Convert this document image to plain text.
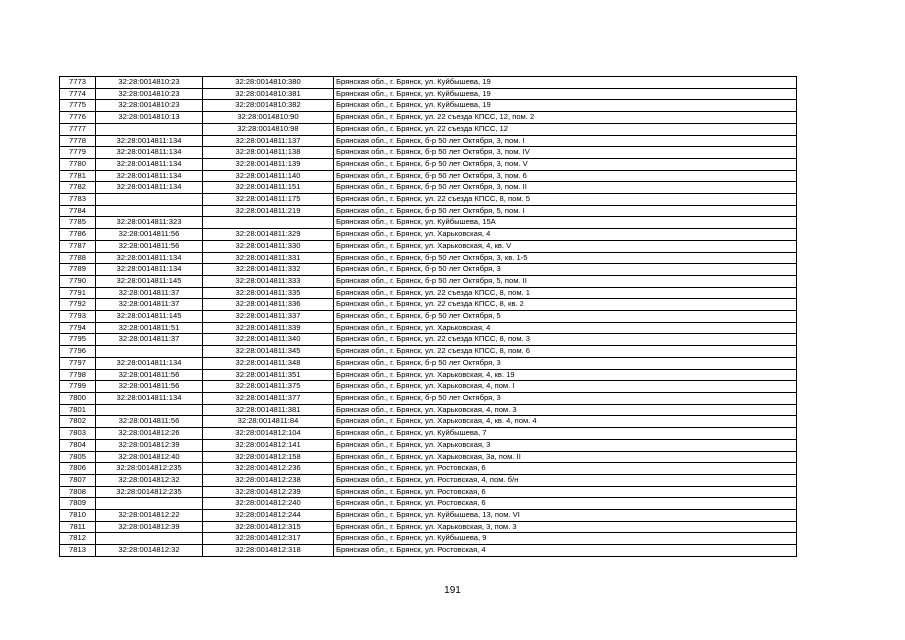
7773	32:28:0014810:23	32:28:0014810:380	Брянская обл., г. Брянск, ул. Куйбышева, 19
7774	32:28:0014810:23	32:28:0014810:381	Брянская обл., г. Брянск, ул. Куйбышева, 19
7775	32:28:0014810:23	32:28:0014810:382	Брянская обл., г. Брянск, ул. Куйбышева, 19
7776	32:28:0014810:13	32:28:0014810:90	Брянская обл., г. Брянск, ул. 22 съезда КПСС, 12, пом. 2
7777		32:28:0014810:98	Брянская обл., г. Брянск, ул. 22 съезда КПСС, 12
7778	32:28:0014811:134	32:28:0014811:137	Брянская обл., г. Брянск, б-р 50 лет Октября, 3, пом. I
7779	32:28:0014811:134	32:28:0014811:138	Брянская обл., г. Брянск, б-р 50 лет Октября, 3, пом. IV
7780	32:28:0014811:134	32:28:0014811:139	Брянская обл., г. Брянск, б-р 50 лет Октября, 3, пом. V
7781	32:28:0014811:134	32:28:0014811:140	Брянская обл., г. Брянск, б-р 50 лет Октября, 3, пом. 6
7782	32:28:0014811:134	32:28:0014811:151	Брянская обл., г. Брянск, б-р 50 лет Октября, 3, пом. II
7783		32:28:0014811:175	Брянская обл., г. Брянск, ул. 22 съезда КПСС, 8, пом. 5
7784		32:28:0014811:219	Брянская обл., г. Брянск, б-р 50 лет Октября, 5, пом. I
7785	32:28:0014811:323		Брянская обл., г. Брянск, ул. Куйбышева, 15А
7786	32:28:0014811:56	32:28:0014811:329	Брянская обл., г. Брянск, ул. Харьковская, 4
7787	32:28:0014811:56	32:28:0014811:330	Брянская обл., г. Брянск, ул. Харьковская, 4, кв. V
7788	32:28:0014811:134	32:28:0014811:331	Брянская обл., г. Брянск, б-р 50 лет Октября, 3, кв. 1-5
7789	32:28:0014811:134	32:28:0014811:332	Брянская обл., г. Брянск, б-р 50 лет Октября, 3
7790	32:28:0014811:145	32:28:0014811:333	Брянская обл., г. Брянск, б-р 50 лет Октября, 5, пом. II
7791	32:28:0014811:37	32:28:0014811:335	Брянская обл., г. Брянск, ул. 22 съезда КПСС, 8, пом. 1
7792	32:28:0014811:37	32:28:0014811:336	Брянская обл., г. Брянск, ул. 22 съезда КПСС, 8, кв. 2
7793	32:28:0014811:145	32:28:0014811:337	Брянская обл., г. Брянск, б-р 50 лет Октября, 5
7794	32:28:0014811:51	32:28:0014811:339	Брянская обл., г. Брянск, ул. Харьковская, 4
7795	32:28:0014811:37	32:28:0014811:340	Брянская обл., г. Брянск, ул. 22 съезда КПСС, 8, пом. 3
7796		32:28:0014811:345	Брянская обл., г. Брянск, ул. 22 съезда КПСС, 8, пом. 6
7797	32:28:0014811:134	32:28:0014811:348	Брянская обл., г. Брянск, б-р 50 лет Октября, 3
7798	32:28:0014811:56	32:28:0014811:351	Брянская обл., г. Брянск, ул. Харьковская, 4, кв. 19
7799	32:28:0014811:56	32:28:0014811:375	Брянская обл., г. Брянск, ул. Харьковская, 4, пом. I
7800	32:28:0014811:134	32:28:0014811:377	Брянская обл., г. Брянск, б-р 50 лет Октября, 3
7801		32:28:0014811:381	Брянская обл., г. Брянск, ул. Харьковская, 4, пом. 3
7802	32:28:0014811:56	32:28:0014811:84	Брянская обл., г. Брянск, ул. Харьковская, 4, кв. 4, пом. 4
7803	32:28:0014812:26	32:28:0014812:104	Брянская обл., г. Брянск, ул. Куйбышева, 7
7804	32:28:0014812:39	32:28:0014812:141	Брянская обл., г. Брянск, ул. Харьковская, 3
7805	32:28:0014812:40	32:28:0014812:158	Брянская обл., г. Брянск, ул. Харьковская, 3а, пом. II
7806	32:28:0014812:235	32:28:0014812:236	Брянская обл., г. Брянск, ул. Ростовская, 6
7807	32:28:0014812:32	32:28:0014812:238	Брянская обл., г. Брянск, ул. Ростовская, 4, пом. б/н
7808	32:28:0014812:235	32:28:0014812:239	Брянская обл., г. Брянск, ул. Ростовская, 6
7809		32:28:0014812:240	Брянская обл., г. Брянск, ул. Ростовская, 6
7810	32:28:0014812:22	32:28:0014812:244	Брянская обл., г. Брянск, ул. Куйбышева, 13, пом. VI
7811	32:28:0014812:39	32:28:0014812:315	Брянская обл., г. Брянск, ул. Харьковская, 3, пом. 3
7812		32:28:0014812:317	Брянская обл., г. Брянск, ул. Куйбышева, 9
7813	32:28:0014812:32	32:28:0014812:318	Брянская обл., г. Брянск, ул. Ростовская, 4
191
